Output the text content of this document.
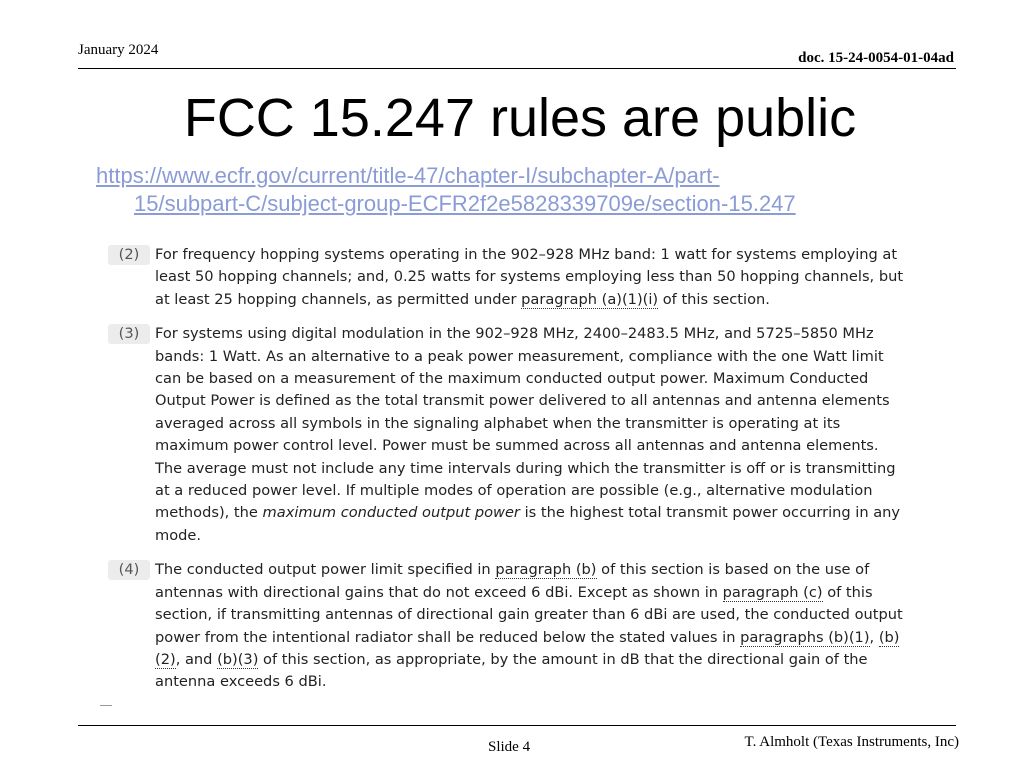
January 2024	doc. 15-24-0054-01-04ad
FCC 15.247 rules are public
https://www.ecfr.gov/current/title-47/chapter-I/subchapter-A/part-
15/subpart-C/subject-group-ECFR2f2e5828339709e/section-15.247
(2)	For frequency hopping systems operating in the 902–928 MHz band: 1 watt for systems employing at least 50 hopping channels; and, 0.25 watts for systems employing less than 50 hopping channels, but at least 25 hopping channels, as permitted under paragraph (a)(1)(i) of this section.
(3)	For systems using digital modulation in the 902–928 MHz, 2400–2483.5 MHz, and 5725–5850 MHz bands: 1 Watt. As an alternative to a peak power measurement, compliance with the one Watt limit can be based on a measurement of the maximum conducted output power. Maximum Conducted Output Power is defined as the total transmit power delivered to all antennas and antenna elements averaged across all symbols in the signaling alphabet when the transmitter is operating at its maximum power control level. Power must be summed across all antennas and antenna elements. The average must not include any time intervals during which the transmitter is off or is transmitting at a reduced power level. If multiple modes of operation are possible (e.g., alternative modulation methods), the maximum conducted output power is the highest total transmit power occurring in any mode.
(4)	The conducted output power limit specified in paragraph (b) of this section is based on the use of antennas with directional gains that do not exceed 6 dBi. Except as shown in paragraph (c) of this section, if transmitting antennas of directional gain greater than 6 dBi are used, the conducted output power from the intentional radiator shall be reduced below the stated values in paragraphs (b)(1), (b)(2), and (b)(3) of this section, as appropriate, by the amount in dB that the directional gain of the antenna exceeds 6 dBi.
Slide 4	T. Almholt (Texas Instruments, Inc)
